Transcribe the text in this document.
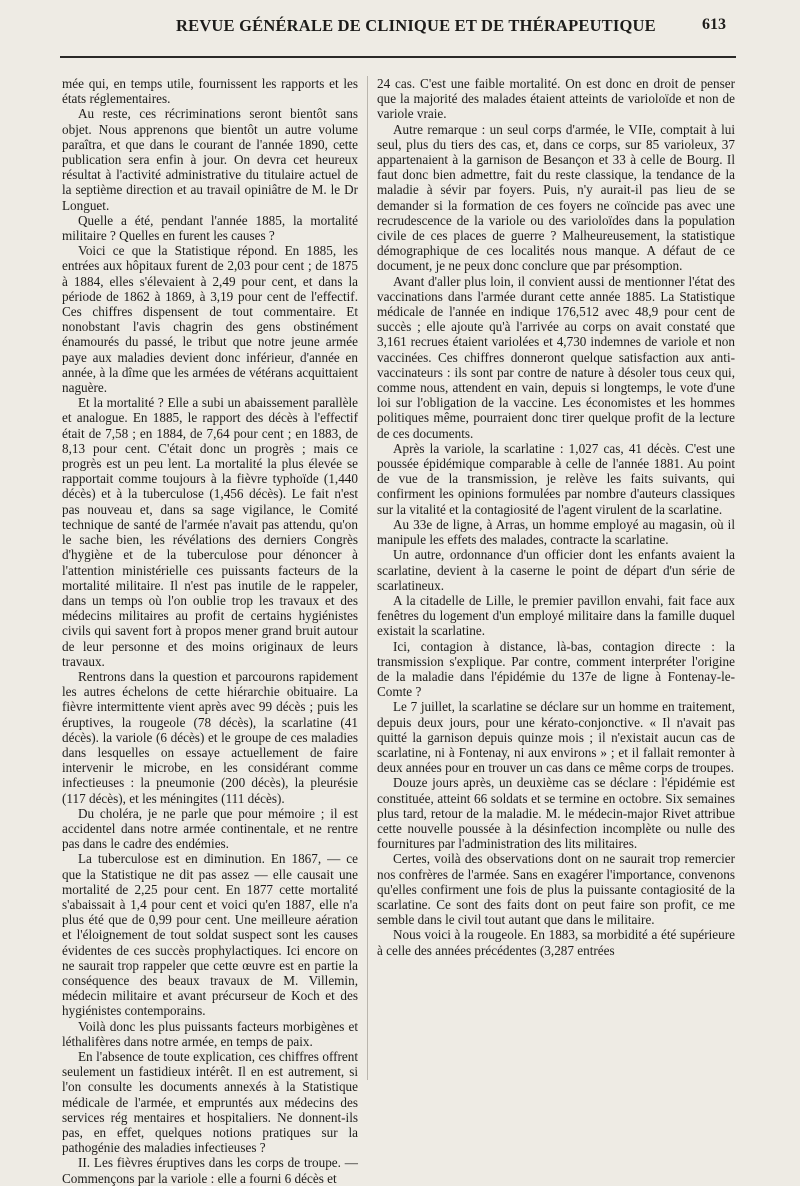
REVUE GÉNÉRALE DE CLINIQUE ET DE THÉRAPEUTIQUE	613

mée qui, en temps utile, fournissent les rapports et les états réglementaires.

Au reste, ces récriminations seront bientôt sans objet. Nous apprenons que bientôt un autre volume paraîtra, et que dans le courant de l'année 1890, cette publication sera enfin à jour. On devra cet heureux résultat à l'activité administrative du titulaire actuel de la septième direction et au travail opiniâtre de M. le Dr Longuet.

Quelle a été, pendant l'année 1885, la mortalité militaire ? Quelles en furent les causes ?

Voici ce que la Statistique répond. En 1885, les entrées aux hôpitaux furent de 2,03 pour cent ; de 1875 à 1884, elles s'élevaient à 2,49 pour cent, et dans la période de 1862 à 1869, à 3,19 pour cent de l'effectif. Ces chiffres dispensent de tout commentaire. Et nonobstant l'avis chagrin des gens obstinément énamourés du passé, le tribut que notre jeune armée paye aux maladies devient donc inférieur, d'année en année, à la dîme que les armées de vétérans acquittaient naguère.

Et la mortalité ? Elle a subi un abaissement parallèle et analogue. En 1885, le rapport des décès à l'effectif était de 7,58 ; en 1884, de 7,64 pour cent ; en 1883, de 8,13 pour cent. C'était donc un progrès ; mais ce progrès est un peu lent. La mortalité la plus élevée se rapportait comme toujours à la fièvre typhoïde (1,440 décès) et à la tuberculose (1,456 décès). Le fait n'est pas nouveau et, dans sa sage vigilance, le Comité technique de santé de l'armée n'avait pas attendu, qu'on le sache bien, les révélations des derniers Congrès d'hygiène et de la tuberculose pour dénoncer à l'attention ministérielle ces puissants facteurs de la mortalité militaire. Il n'est pas inutile de le rappeler, dans un temps où l'on oublie trop les travaux et des médecins militaires au profit de certains hygiénistes civils qui savent fort à propos mener grand bruit autour de leur personne et des moins originaux de leurs travaux.

Rentrons dans la question et parcourons rapidement les autres échelons de cette hiérarchie obituaire. La fièvre intermittente vient après avec 99 décès ; puis les éruptives, la rougeole (78 décès), la scarlatine (41 décès). la variole (6 décès) et le groupe de ces maladies dans lesquelles on essaye actuellement de faire intervenir le microbe, en les considérant comme infectieuses : la pneumonie (200 décès), la pleurésie (117 décès), et les méningites (111 décès).

Du choléra, je ne parle que pour mémoire ; il est accidentel dans notre armée continentale, et ne rentre pas dans le cadre des endémies.

La tuberculose est en diminution. En 1867, — ce que la Statistique ne dit pas assez — elle causait une mortalité de 2,25 pour cent. En 1877 cette mortalité s'abaissait à 1,4 pour cent et voici qu'en 1887, elle n'a plus été que de 0,99 pour cent. Une meilleure aération et l'éloignement de tout soldat suspect sont les causes évidentes de ces succès prophylactiques. Ici encore on ne saurait trop rappeler que cette œuvre est en partie la conséquence des beaux travaux de M. Villemin, médecin militaire et avant précurseur de Koch et des hygiénistes contemporains.

Voilà donc les plus puissants facteurs morbigènes et léthalifères dans notre armée, en temps de paix.

En l'absence de toute explication, ces chiffres offrent seulement un fastidieux intérêt. Il en est autrement, si l'on consulte les documents annexés à la Statistique médicale de l'armée, et empruntés aux médecins des services rég mentaires et hospitaliers. Ne donnent-ils pas, en effet, quelques notions pratiques sur la pathogénie des maladies infectieuses ?

II. Les fièvres éruptives dans les corps de troupe. — Commençons par la variole : elle a fourni 6 décès et

24 cas. C'est une faible mortalité. On est donc en droit de penser que la majorité des malades étaient atteints de varioloïde et non de variole vraie.

Autre remarque : un seul corps d'armée, le VIIe, comptait à lui seul, plus du tiers des cas, et, dans ce corps, sur 85 varioleux, 37 appartenaient à la garnison de Besançon et 33 à celle de Bourg. Il faut donc bien admettre, fait du reste classique, la tendance de la maladie à sévir par foyers. Puis, n'y aurait-il pas lieu de se demander si la formation de ces foyers ne coïncide pas avec une recrudescence de la variole ou des varioloïdes dans la population civile de ces places de guerre ? Malheureusement, la statistique démographique de ces localités nous manque. A défaut de ce document, je ne peux donc conclure que par présomption.

Avant d'aller plus loin, il convient aussi de mentionner l'état des vaccinations dans l'armée durant cette année 1885. La Statistique médicale de l'année en indique 176,512 avec 48,9 pour cent de succès ; elle ajoute qu'à l'arrivée au corps on avait constaté que 3,161 recrues étaient variolées et 4,730 indemnes de variole et non vaccinées. Ces chiffres donneront quelque satisfaction aux anti-vaccinateurs : ils sont par contre de nature à désoler tous ceux qui, comme nous, attendent en vain, depuis si longtemps, le vote d'une loi sur l'obligation de la vaccine. Les économistes et les hommes politiques même, pourraient donc tirer quelque profit de la lecture de ces documents.

Après la variole, la scarlatine : 1,027 cas, 41 décès. C'est une poussée épidémique comparable à celle de l'année 1881. Au point de vue de la transmission, je relève les faits suivants, qui confirment les opinions formulées par nombre d'auteurs classiques sur la vitalité et la contagiosité de l'agent virulent de la scarlatine.

Au 33e de ligne, à Arras, un homme employé au magasin, où il manipule les effets des malades, contracte la scarlatine.

Un autre, ordonnance d'un officier dont les enfants avaient la scarlatine, devient à la caserne le point de départ d'un série de scarlatineux.

A la citadelle de Lille, le premier pavillon envahi, fait face aux fenêtres du logement d'un employé militaire dans la famille duquel existait la scarlatine.

Ici, contagion à distance, là-bas, contagion directe : la transmission s'explique. Par contre, comment interpréter l'origine de la maladie dans l'épidémie du 137e de ligne à Fontenay-le-Comte ?

Le 7 juillet, la scarlatine se déclare sur un homme en traitement, depuis deux jours, pour une kérato-conjonctive. « Il n'avait pas quitté la garnison depuis quinze mois ; il n'existait aucun cas de scarlatine, ni à Fontenay, ni aux environs » ; et il fallait remonter à deux années pour en trouver un cas dans ce même corps de troupes.

Douze jours après, un deuxième cas se déclare : l'épidémie est constituée, atteint 66 soldats et se termine en octobre. Six semaines plus tard, retour de la maladie. M. le médecin-major Rivet attribue cette nouvelle poussée à la désinfection incomplète ou nulle des fournitures par l'administration des lits militaires.

Certes, voilà des observations dont on ne saurait trop remercier nos confrères de l'armée. Sans en exagérer l'importance, convenons qu'elles confirment une fois de plus la puissante contagiosité de la scarlatine. Ce sont des faits dont on peut faire son profit, ce me semble dans le civil tout autant que dans le militaire.

Nous voici à la rougeole. En 1883, sa morbidité a été supérieure à celle des années précédentes (3,287 entrées
